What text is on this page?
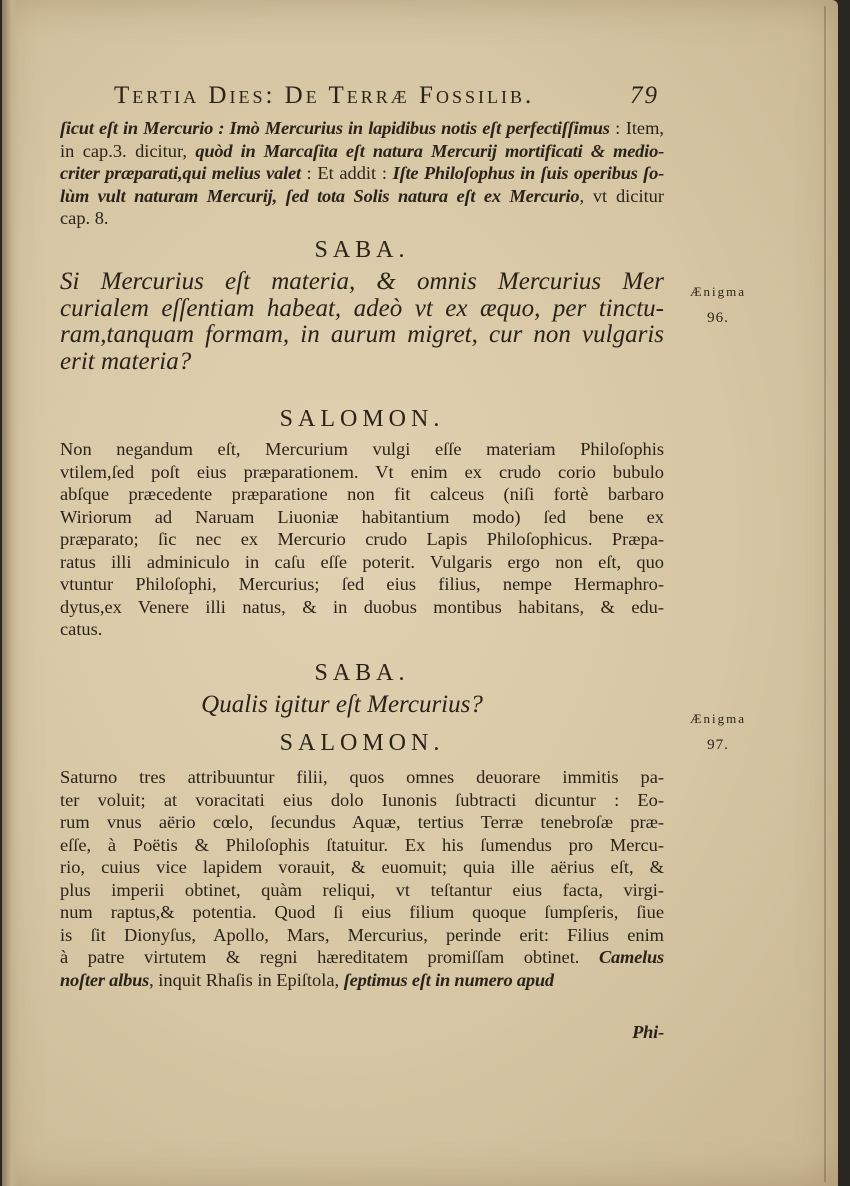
Tertia Dies: De Terræ Fossilib.	79
ſicut eſt in Mercurio : Imò Mercurius in lapidibus notis eſt perfectiſſimus : Item,
in cap.3. dicitur, quòd in Marcaſita eſt natura Mercurij mortificati & medio-
criter præparati,qui melius valet : Et addit : Iſte Philoſophus in ſuis operibus ſo-
lùm vult naturam Mercurij, ſed tota Solis natura eſt ex Mercurio, vt dicitur
cap. 8.
SABA.
Si Mercurius eſt materia, & omnis Mercurius Mer
curialem eſſentiam habeat, adeò vt ex æquo, per tinctu-
ram,tanquam formam, in aurum migret, cur non vulgaris
erit materia?
Ænigma
96.
SALOMON.
Non negandum eſt, Mercurium vulgi eſſe materiam Philoſophis
vtilem,ſed poſt eius præparationem. Vt enim ex crudo corio bubulo
abſque præcedente præparatione non fit calceus (niſi fortè barbaro
Wiriorum ad Naruam Liuoniæ habitantium modo) ſed bene ex
præparato; ſic nec ex Mercurio crudo Lapis Philoſophicus. Præpa-
ratus illi adminiculo in caſu eſſe poterit. Vulgaris ergo non eſt, quo
vtuntur Philoſophi, Mercurius; ſed eius filius, nempe Hermaphro-
dytus,ex Venere illi natus, & in duobus montibus habitans, & edu-
catus.
SABA.
Qualis igitur eſt Mercurius?
Ænigma
97.
SALOMON.
Saturno tres attribuuntur filii, quos omnes deuorare immitis pa-
ter voluit; at voracitati eius dolo Iunonis ſubtracti dicuntur : Eo-
rum vnus aërio cœlo, ſecundus Aquæ, tertius Terræ tenebroſæ præ-
eſſe, à Poëtis & Philoſophis ſtatuitur. Ex his ſumendus pro Mercu-
rio, cuius vice lapidem vorauit, & euomuit; quia ille aërius eſt, &
plus imperii obtinet, quàm reliqui, vt teſtantur eius facta, virgi-
num raptus,& potentia. Quod ſi eius filium quoque ſumpſeris, ſiue
is ſit Dionyſus, Apollo, Mars, Mercurius, perinde erit: Filius enim
à patre virtutem & regni hæreditatem promiſſam obtinet. Camelus
noſter albus, inquit Rhaſis in Epiſtola, ſeptimus eſt in numero apud
Phi-
